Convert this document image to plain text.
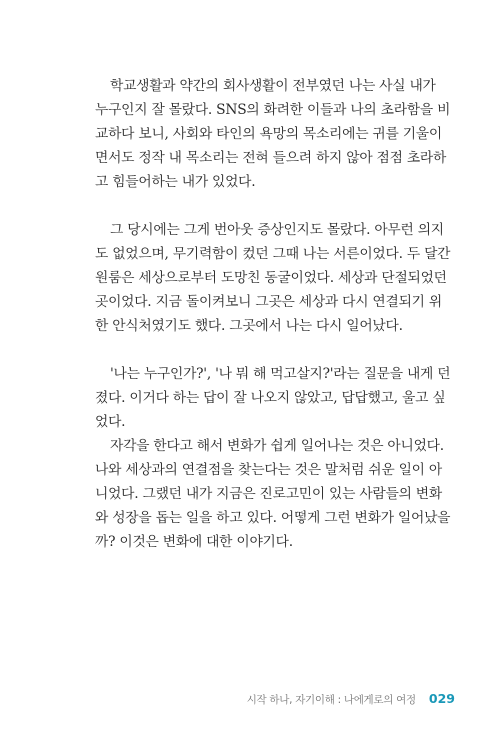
학교생활과 약간의 회사생활이 전부였던 나는 사실 내가
누구인지 잘 몰랐다. SNS의 화려한 이들과 나의 초라함을 비
교하다 보니, 사회와 타인의 욕망의 목소리에는 귀를 기울이
면서도 정작 내 목소리는 전혀 들으려 하지 않아 점점 초라하
고 힘들어하는 내가 있었다.
그 당시에는 그게 번아웃 증상인지도 몰랐다. 아무런 의지
도 없었으며, 무기력함이 컸던 그때 나는 서른이었다. 두 달간
원룸은 세상으로부터 도망친 동굴이었다. 세상과 단절되었던
곳이었다. 지금 돌이켜보니 그곳은 세상과 다시 연결되기 위
한 안식처였기도 했다. 그곳에서 나는 다시 일어났다.
'나는 누구인가?', '나 뭐 해 먹고살지?'라는 질문을 내게 던
졌다. 이거다 하는 답이 잘 나오지 않았고, 답답했고, 울고 싶
었다.
자각을 한다고 해서 변화가 쉽게 일어나는 것은 아니었다.
나와 세상과의 연결점을 찾는다는 것은 말처럼 쉬운 일이 아
니었다. 그랬던 내가 지금은 진로고민이 있는 사람들의 변화
와 성장을 돕는 일을 하고 있다. 어떻게 그런 변화가 일어났을
까? 이것은 변화에 대한 이야기다.
시작 하나, 자기이해 : 나에게로의 여정 029
